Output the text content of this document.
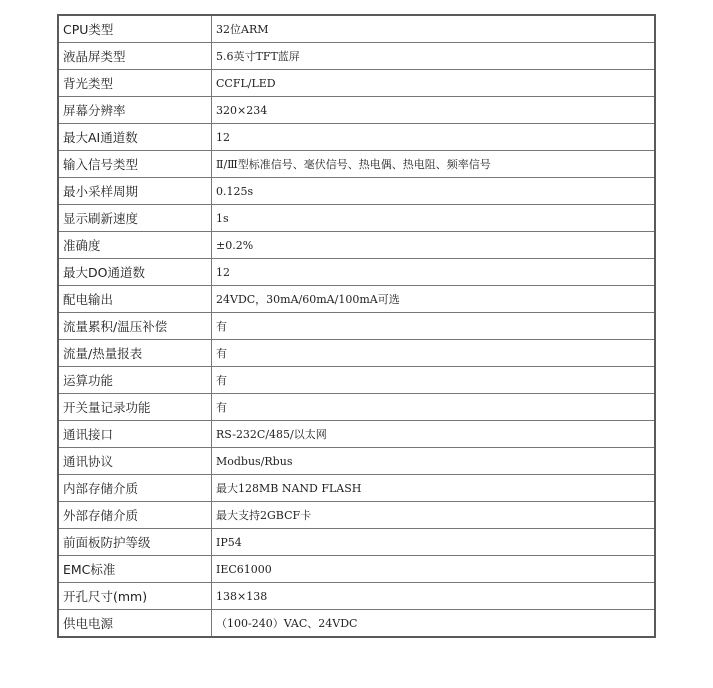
CPU类型	32位ARM
液晶屏类型	5.6英寸TFT蓝屏
背光类型	CCFL/LED
屏幕分辨率	320×234
最大AI通道数	12
输入信号类型	Ⅱ/Ⅲ型标准信号、毫伏信号、热电偶、热电阻、频率信号
最小采样周期	0.125s
显示刷新速度	1s
准确度	±0.2%
最大DO通道数	12
配电输出	24VDC，30mA/60mA/100mA可选
流量累积/温压补偿	有
流量/热量报表	有
运算功能	有
开关量记录功能	有
通讯接口	RS-232C/485/以太网
通讯协议	Modbus/Rbus
内部存储介质	最大128MB NAND FLASH
外部存储介质	最大支持2GBCF卡
前面板防护等级	IP54
EMC标准	IEC61000
开孔尺寸(mm)	138×138
供电电源	（100-240）VAC、24VDC
